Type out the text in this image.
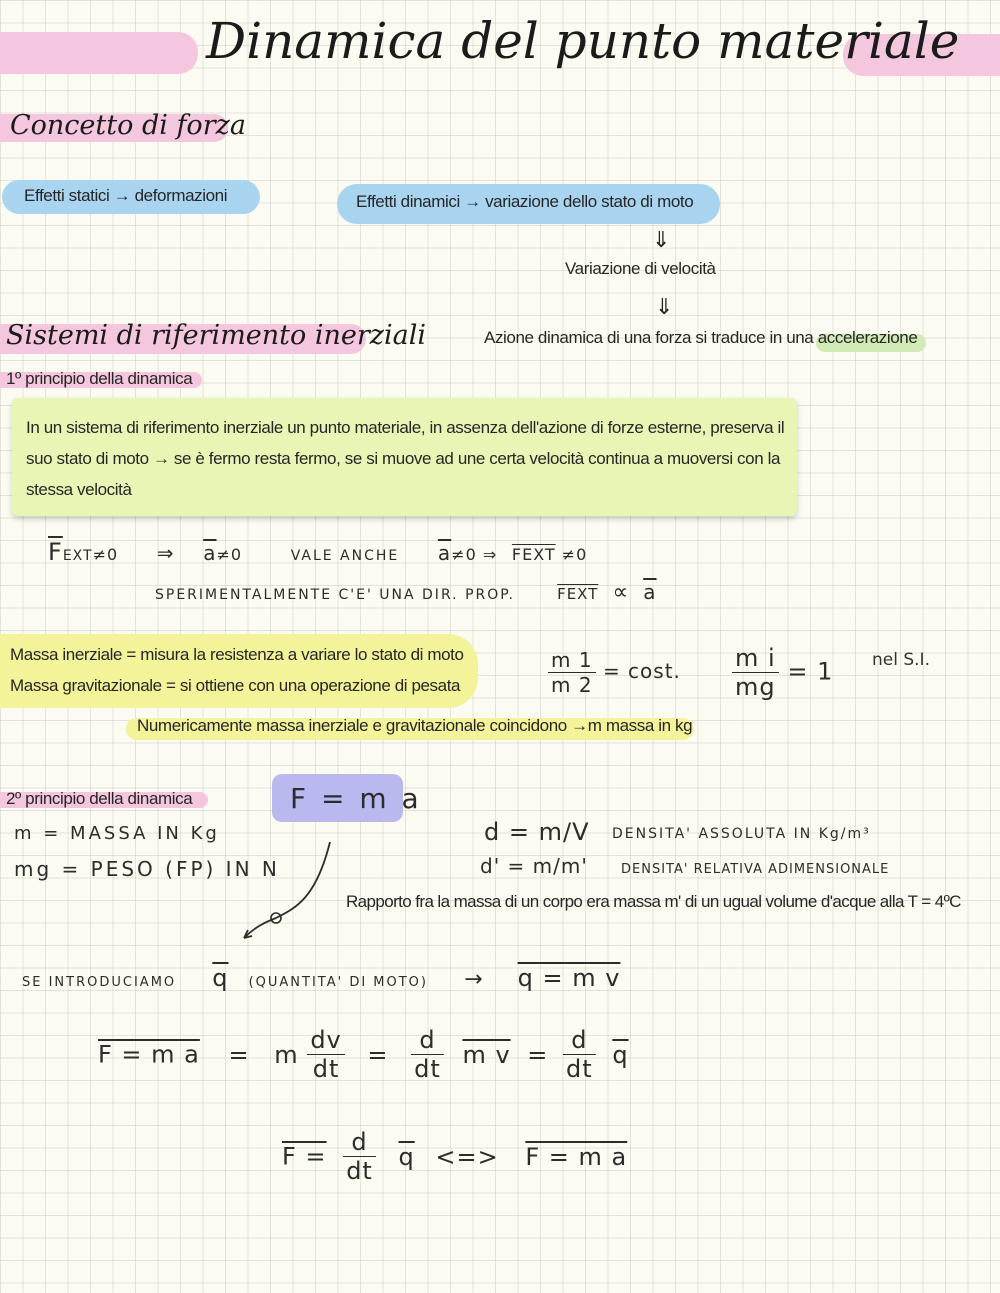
Dinamica del punto materiale
Concetto di forza
Effetti statici → deformazioni	Effetti dinamici → variazione dello stato di moto
⇓
Variazione di velocità
⇓
Azione dinamica di una forza si traduce in una accelerazione
Sistemi di riferimento inerziali
1º principio della dinamica

In un sistema di riferimento inerziale un punto materiale, in assenza dell'azione di forze esterne, preserva il suo stato di moto → se è fermo resta fermo, se si muove ad une certa velocità continua a muoversi con la stessa velocità

$\overline{F}EXT\ne 0$ ⇒ $\overline{a}\ne 0$	VALE ANCHE $\overline{a}\ne 0$ ⇒ FEXT ≠0
SPERIMENTALMENTE C'E' UNA DIR. PROP.	FEXT ∝ $\overline{a}$
Massa inerziale = misura la resistenza a variare lo stato di moto
Massa gravitazionale = si ottiene con una operazione di pesata	$\frac{m 1}{m 2} = \cos t$. $\frac{\text{m i}}{mg} = 1$ nel S.I.
Numericamente massa inerziale e gravitazionale coincidono →m massa in kg
2º principio della dinamica	F = m a
m = MASSA IN Kg
mg = PESO (FP) IN N
d = m/V DENSITA' ASSOLUTA IN Kg/m³
d' = m/m'	DENSITA' RELATIVA ADIMENSIONALE
Rapporto fra la massa di un corpo era massa m' di un ugual volume d'acque alla T = 4ºC
SE INTRODUCIAMO $\overline{q}$ (QUANTITA' DI MOTO) → q = m v
F = m a = m $\frac{dv}{dt} = \frac{d}{dt}$ m $v = \frac{d}{dt} \overline{q}$
$F = \frac{d}{dt} \overline{q}$ <=> F = m a
